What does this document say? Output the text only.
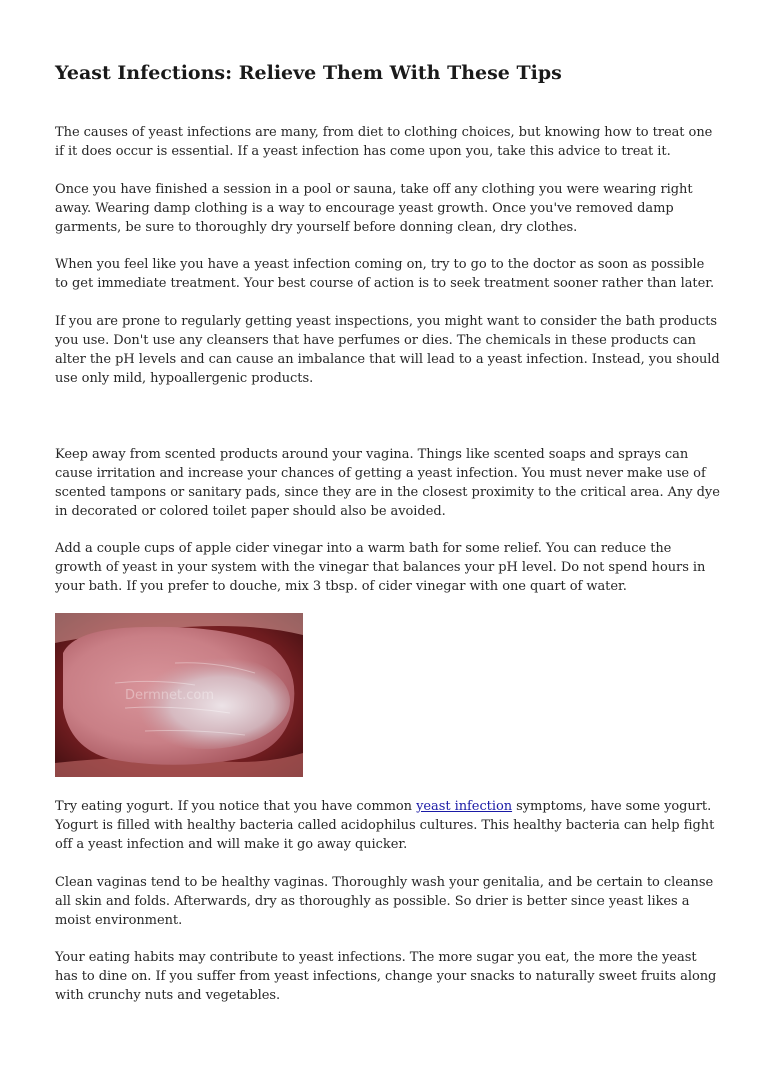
Yeast Infections: Relieve Them With These Tips

The causes of yeast infections are many, from diet to clothing choices, but knowing how to treat one if it does occur is essential. If a yeast infection has come upon you, take this advice to treat it.

Once you have finished a session in a pool or sauna, take off any clothing you were wearing right away. Wearing damp clothing is a way to encourage yeast growth. Once you've removed damp garments, be sure to thoroughly dry yourself before donning clean, dry clothes.

When you feel like you have a yeast infection coming on, try to go to the doctor as soon as possible to get immediate treatment. Your best course of action is to seek treatment sooner rather than later.

If you are prone to regularly getting yeast inspections, you might want to consider the bath products you use. Don't use any cleansers that have perfumes or dies. The chemicals in these products can alter the pH levels and can cause an imbalance that will lead to a yeast infection. Instead, you should use only mild, hypoallergenic products.

Keep away from scented products around your vagina. Things like scented soaps and sprays can cause irritation and increase your chances of getting a yeast infection. You must never make use of scented tampons or sanitary pads, since they are in the closest proximity to the critical area. Any dye in decorated or colored toilet paper should also be avoided.

Add a couple cups of apple cider vinegar into a warm bath for some relief. You can reduce the growth of yeast in your system with the vinegar that balances your pH level. Do not spend hours in your bath. If you prefer to douche, mix 3 tbsp. of cider vinegar with one quart of water.

Dermnet.com

Try eating yogurt. If you notice that you have common yeast infection symptoms, have some yogurt. Yogurt is filled with healthy bacteria called acidophilus cultures. This healthy bacteria can help fight off a yeast infection and will make it go away quicker.

Clean vaginas tend to be healthy vaginas. Thoroughly wash your genitalia, and be certain to cleanse all skin and folds. Afterwards, dry as thoroughly as possible. So drier is better since yeast likes a moist environment.

Your eating habits may contribute to yeast infections. The more sugar you eat, the more the yeast has to dine on. If you suffer from yeast infections, change your snacks to naturally sweet fruits along with crunchy nuts and vegetables.
